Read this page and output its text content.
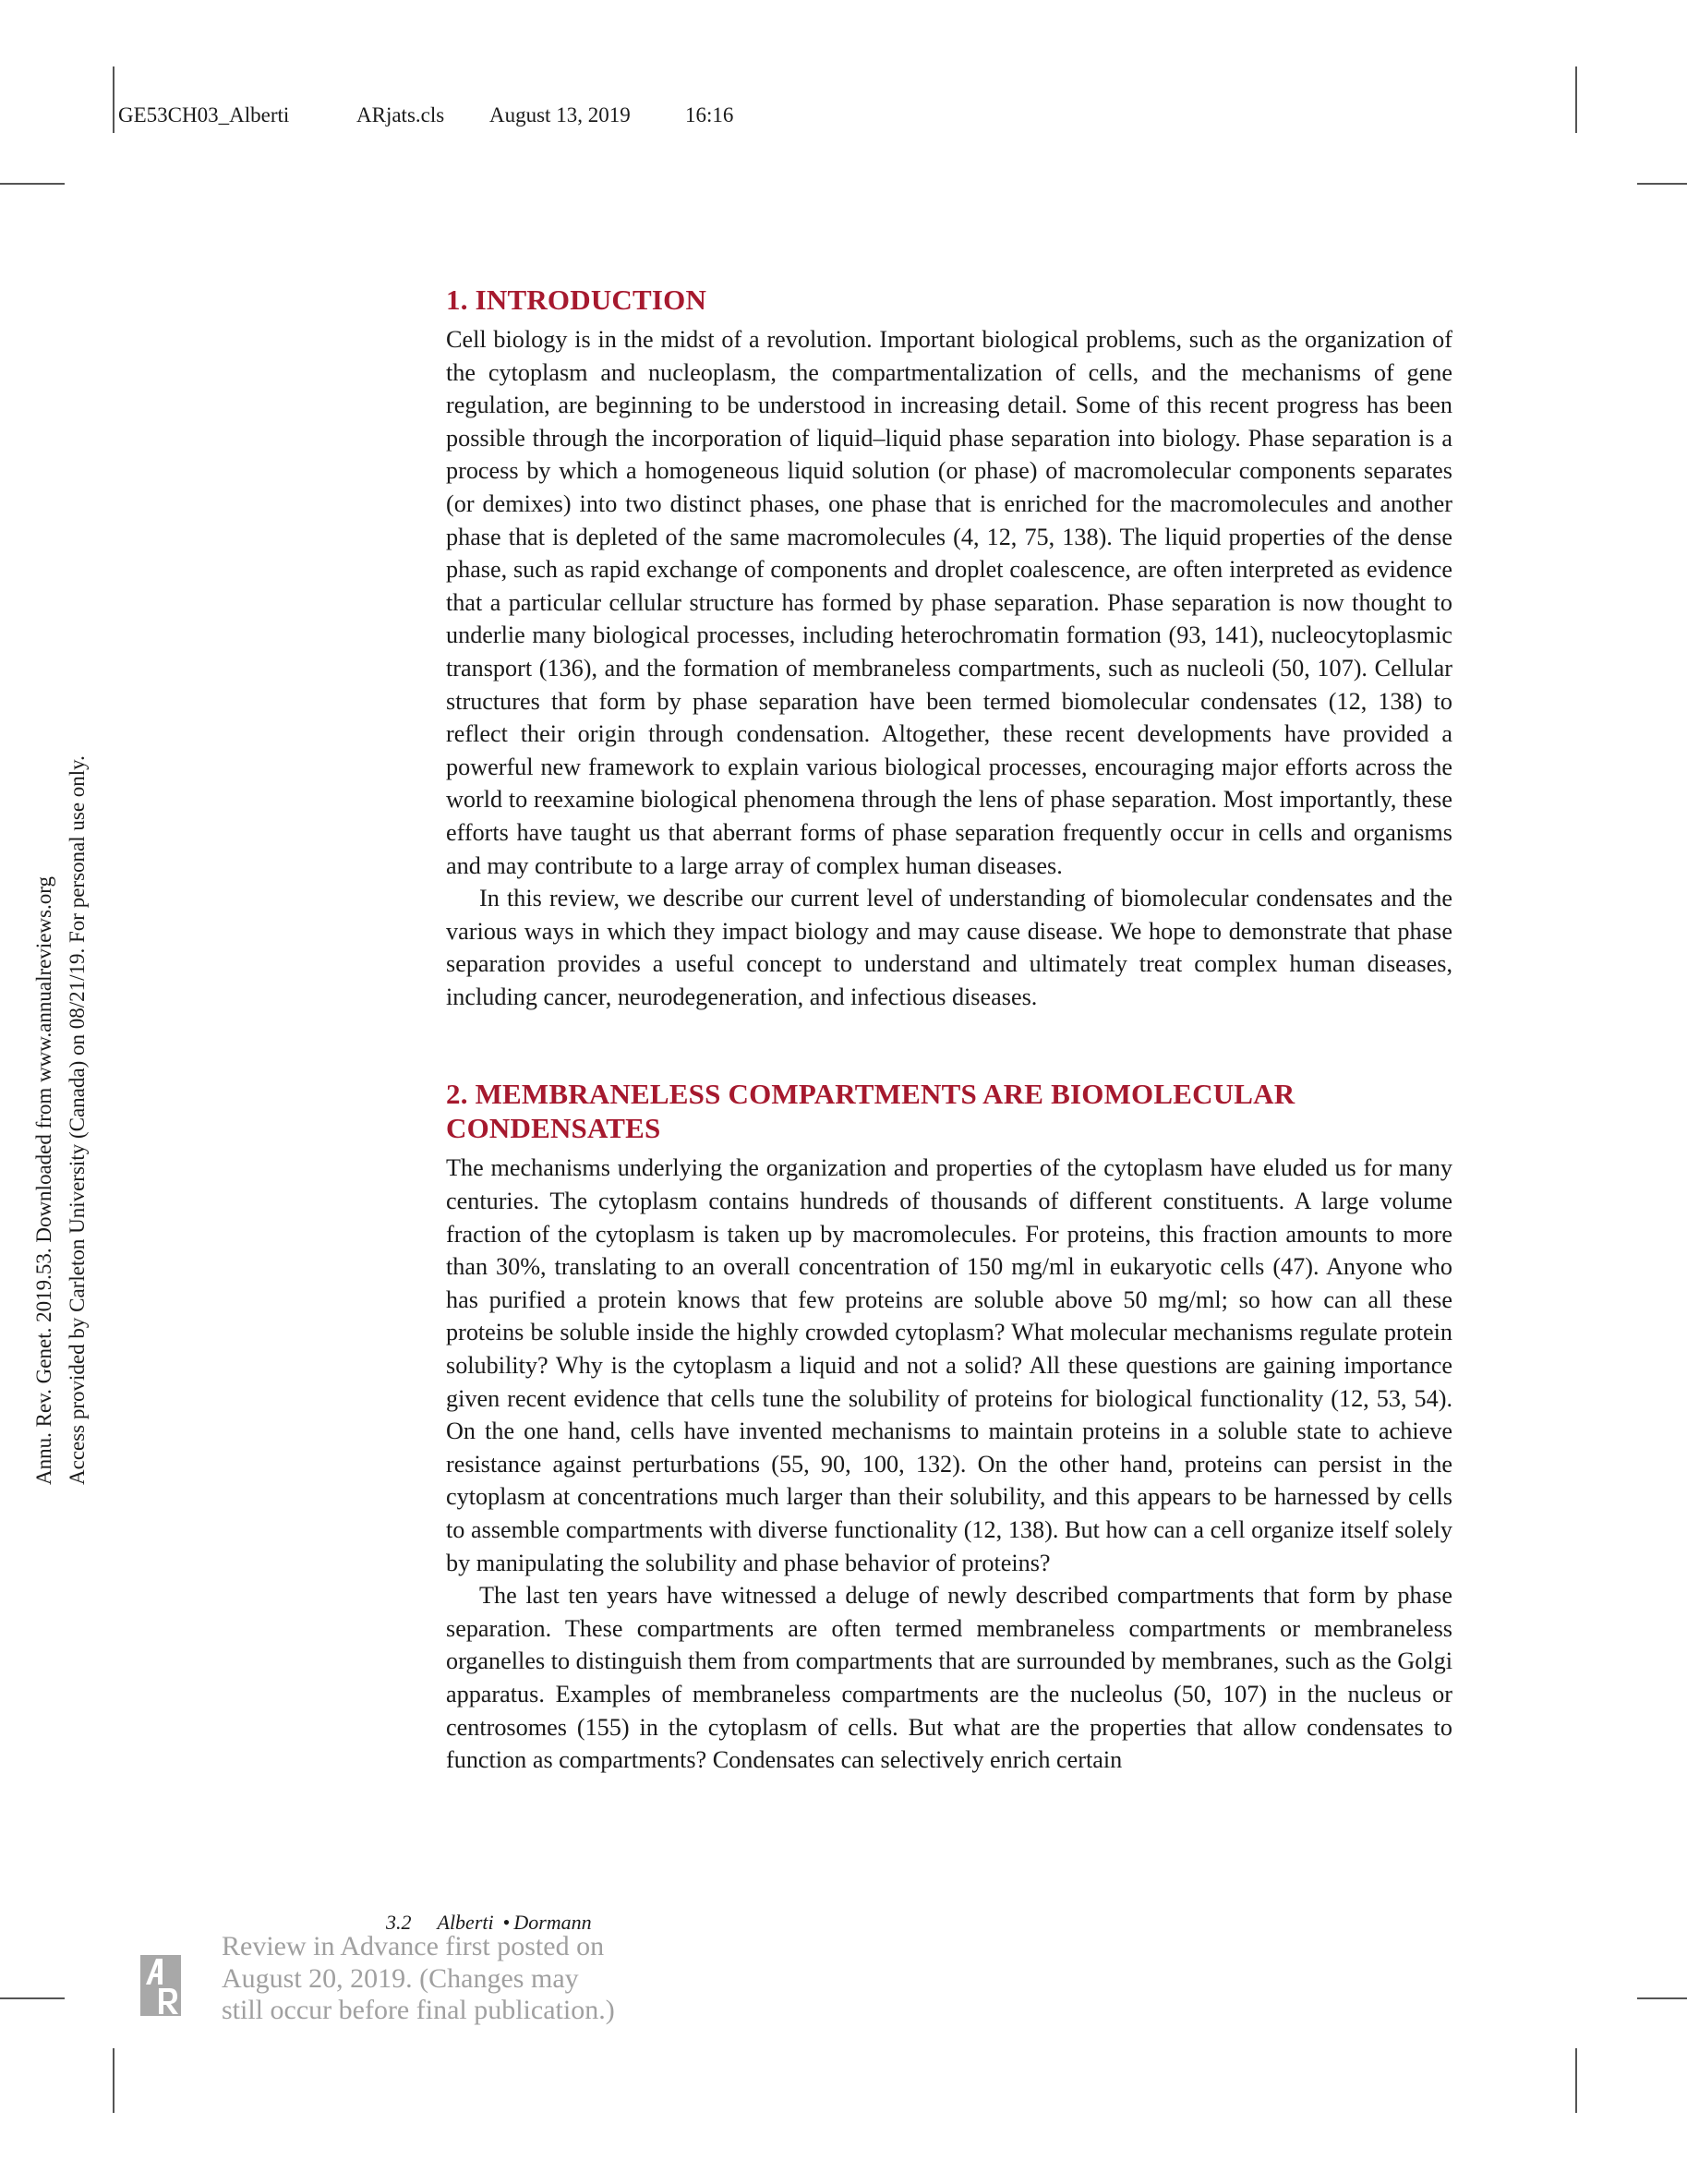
GE53CH03_Alberti	ARjats.cls	August 13, 2019	16:16
Annu. Rev. Genet. 2019.53. Downloaded from www.annualreviews.org Access provided by Carleton University (Canada) on 08/21/19. For personal use only.
1. INTRODUCTION

Cell biology is in the midst of a revolution. Important biological problems, such as the organization of the cytoplasm and nucleoplasm, the compartmentalization of cells, and the mechanisms of gene regulation, are beginning to be understood in increasing detail. Some of this recent progress has been possible through the incorporation of liquid–liquid phase separation into biology. Phase separation is a process by which a homogeneous liquid solution (or phase) of macromolecular components separates (or demixes) into two distinct phases, one phase that is enriched for the macromolecules and another phase that is depleted of the same macromolecules (4, 12, 75, 138). The liquid properties of the dense phase, such as rapid exchange of components and droplet coalescence, are often interpreted as evidence that a particular cellular structure has formed by phase separation. Phase separation is now thought to underlie many biological processes, including heterochromatin formation (93, 141), nucleocytoplasmic transport (136), and the formation of membraneless compartments, such as nucleoli (50, 107). Cellular structures that form by phase separation have been termed biomolecular condensates (12, 138) to reflect their origin through condensation. Altogether, these recent developments have provided a powerful new framework to explain various biological processes, encouraging major efforts across the world to reexamine biological phenomena through the lens of phase separation. Most importantly, these efforts have taught us that aberrant forms of phase separation frequently occur in cells and organisms and may contribute to a large array of complex human diseases.

In this review, we describe our current level of understanding of biomolecular condensates and the various ways in which they impact biology and may cause disease. We hope to demonstrate that phase separation provides a useful concept to understand and ultimately treat complex human diseases, including cancer, neurodegeneration, and infectious diseases.

2. MEMBRANELESS COMPARTMENTS ARE BIOMOLECULAR CONDENSATES

The mechanisms underlying the organization and properties of the cytoplasm have eluded us for many centuries. The cytoplasm contains hundreds of thousands of different constituents. A large volume fraction of the cytoplasm is taken up by macromolecules. For proteins, this fraction amounts to more than 30%, translating to an overall concentration of 150 mg/ml in eukaryotic cells (47). Anyone who has purified a protein knows that few proteins are soluble above 50 mg/ml; so how can all these proteins be soluble inside the highly crowded cytoplasm? What molecular mechanisms regulate protein solubility? Why is the cytoplasm a liquid and not a solid? All these questions are gaining importance given recent evidence that cells tune the solubility of proteins for biological functionality (12, 53, 54). On the one hand, cells have invented mechanisms to maintain proteins in a soluble state to achieve resistance against perturbations (55, 90, 100, 132). On the other hand, proteins can persist in the cytoplasm at concentrations much larger than their solubility, and this appears to be harnessed by cells to assemble compartments with diverse functionality (12, 138). But how can a cell organize itself solely by manipulating the solubility and phase behavior of proteins?

The last ten years have witnessed a deluge of newly described compartments that form by phase separation. These compartments are often termed membraneless compartments or membraneless organelles to distinguish them from compartments that are surrounded by membranes, such as the Golgi apparatus. Examples of membraneless compartments are the nucleolus (50, 107) in the nucleus or centrosomes (155) in the cytoplasm of cells. But what are the properties that allow condensates to function as compartments? Condensates can selectively enrich certain

3.2 Alberti • Dormann
Review in Advance first posted on
August 20, 2019. (Changes may
still occur before final publication.)
